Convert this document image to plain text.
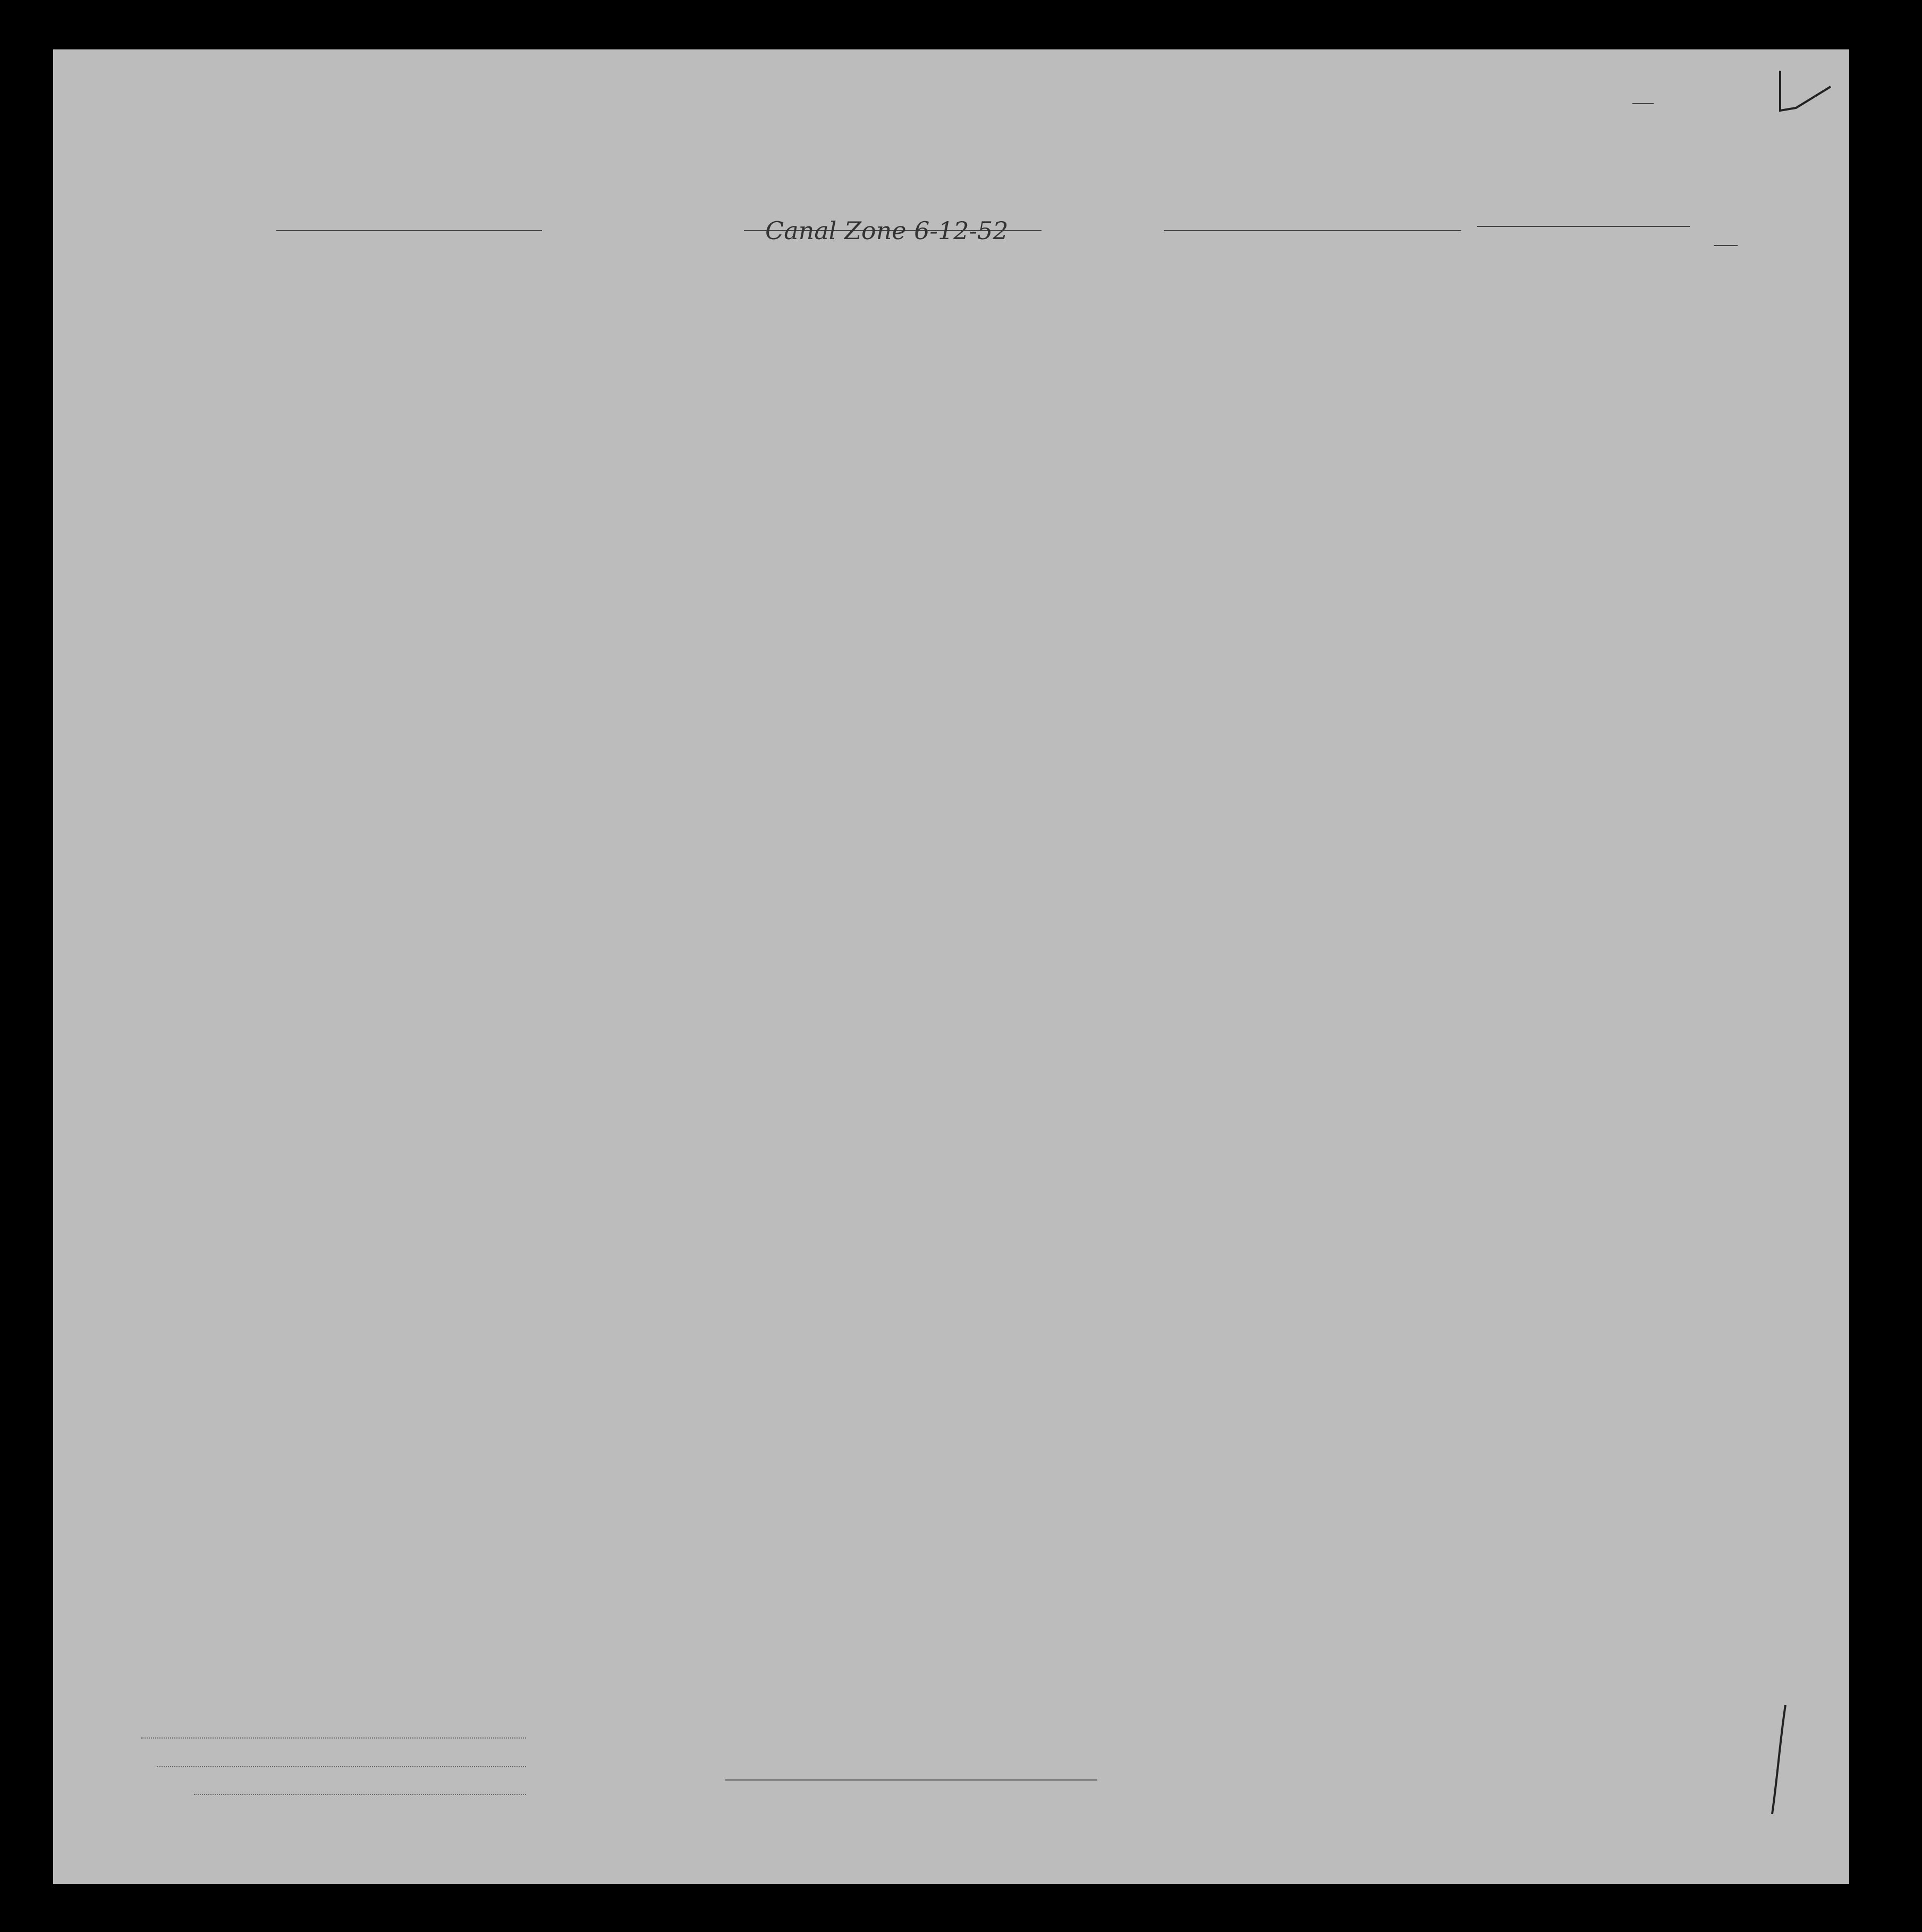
Canal Zone 6-12-52
